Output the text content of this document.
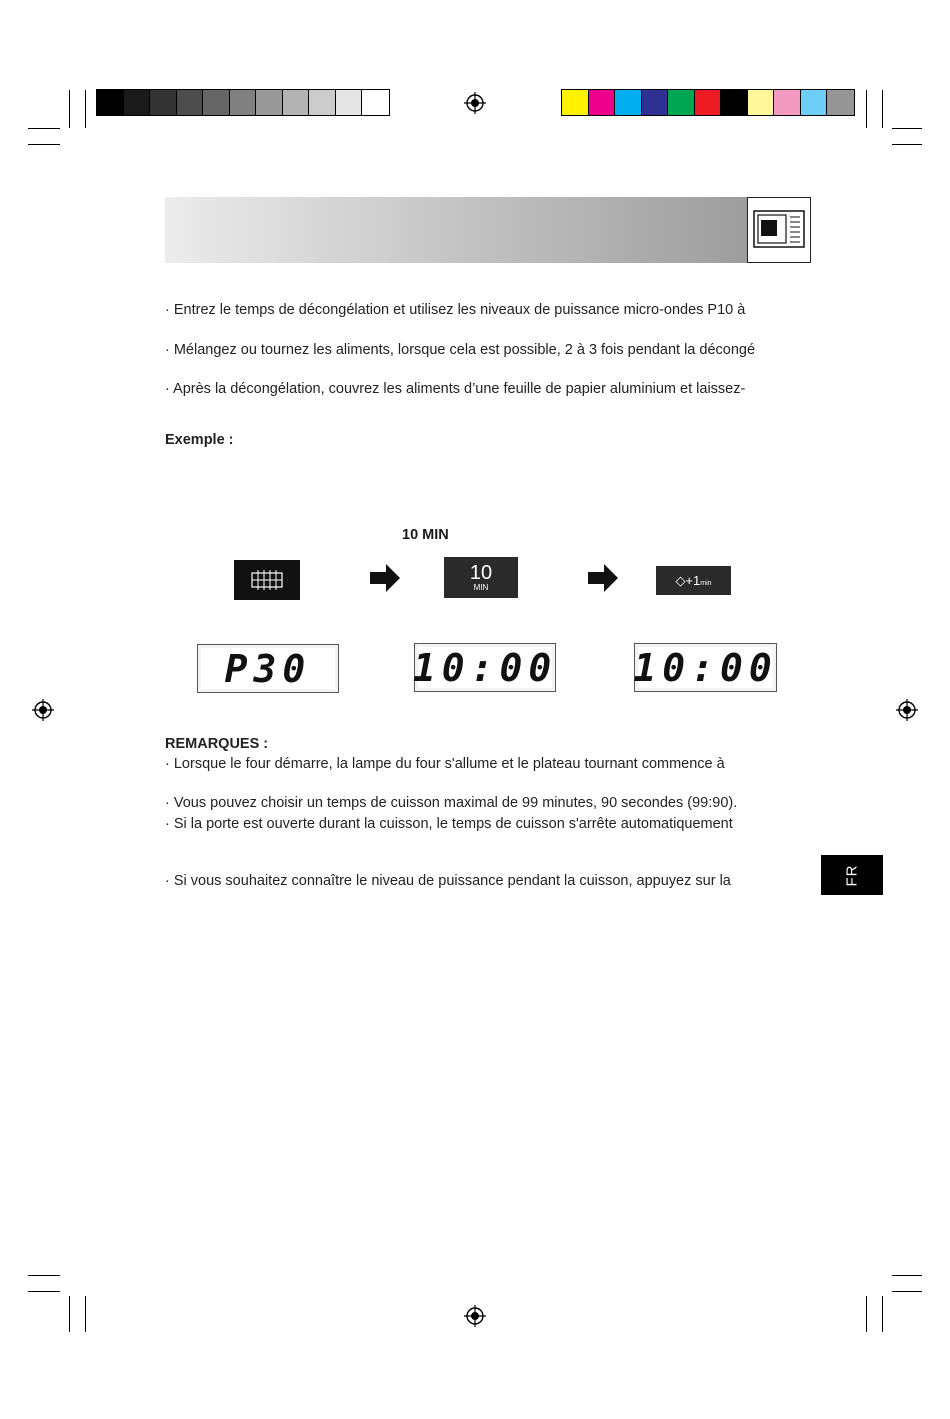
· Entrez le temps de décongélation et utilisez les niveaux de puissance micro-ondes P10 à
· Mélangez ou tournez les aliments, lorsque cela est possible, 2 à 3 fois pendant la décongé
· Après la décongélation, couvrez les aliments d’une feuille de papier aluminium et laissez-
Exemple :
10 MIN
10
MIN	◇+1 min
P30	10:00 10:00
REMARQUES :
· Lorsque le four démarre, la lampe du four s'allume et le plateau tournant commence à
· Vous pouvez choisir un temps de cuisson maximal de 99 minutes, 90 secondes (99:90).
· Si la porte est ouverte durant la cuisson, le temps de cuisson s'arrête automatiquement
· Si vous souhaitez connaître le niveau de puissance pendant la cuisson, appuyez sur la	FR
